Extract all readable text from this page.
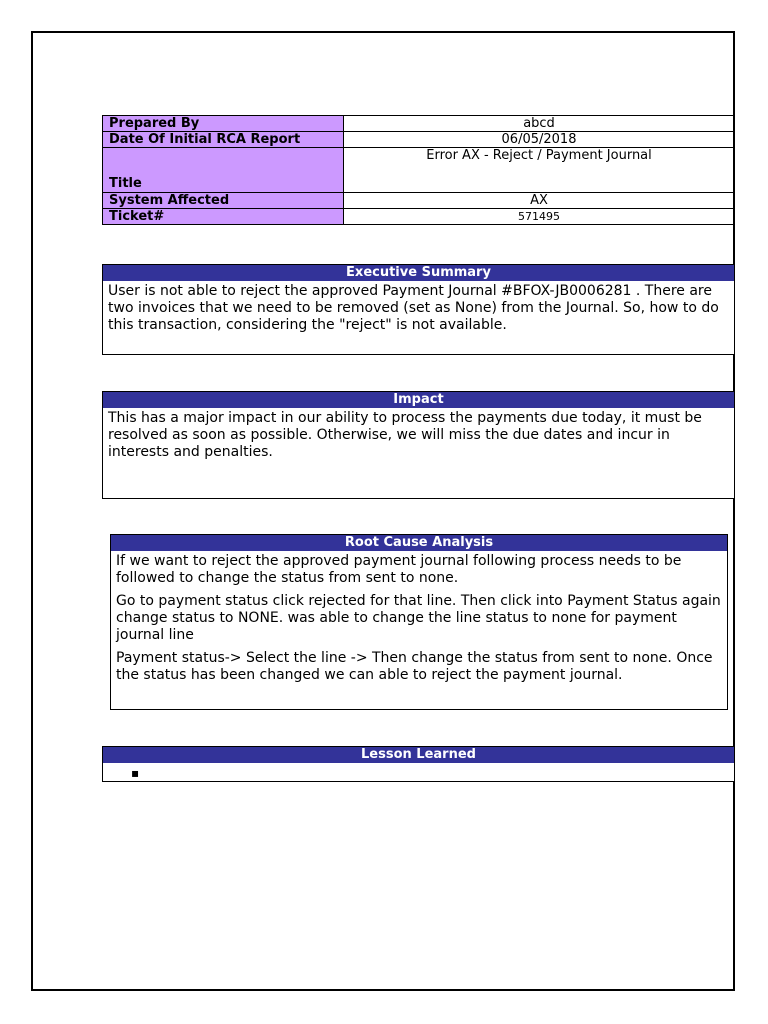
Prepared By	abcd
Date Of Initial RCA Report	06/05/2018
Title	Error AX - Reject / Payment Journal
System Affected	AX
Ticket#	571495
Executive Summary
User is not able to reject the approved Payment Journal #BFOX-JB0006281 . There are two invoices that we need to be removed (set as None) from the Journal. So, how to do this transaction, considering the "reject" is not available.
Impact
This has a major impact in our ability to process the payments due today, it must be resolved as soon as possible. Otherwise, we will miss the due dates and incur in interests and penalties.
Root Cause Analysis

If we want to reject the approved payment journal following process needs to be followed to change the status from sent to none.

Go to payment status click rejected for that line. Then click into Payment Status again change status to NONE. was able to change the line status to none for payment journal line

Payment status-> Select the line -> Then change the status from sent to none. Once the status has been changed we can able to reject the payment journal.

Lesson Learned
▪
